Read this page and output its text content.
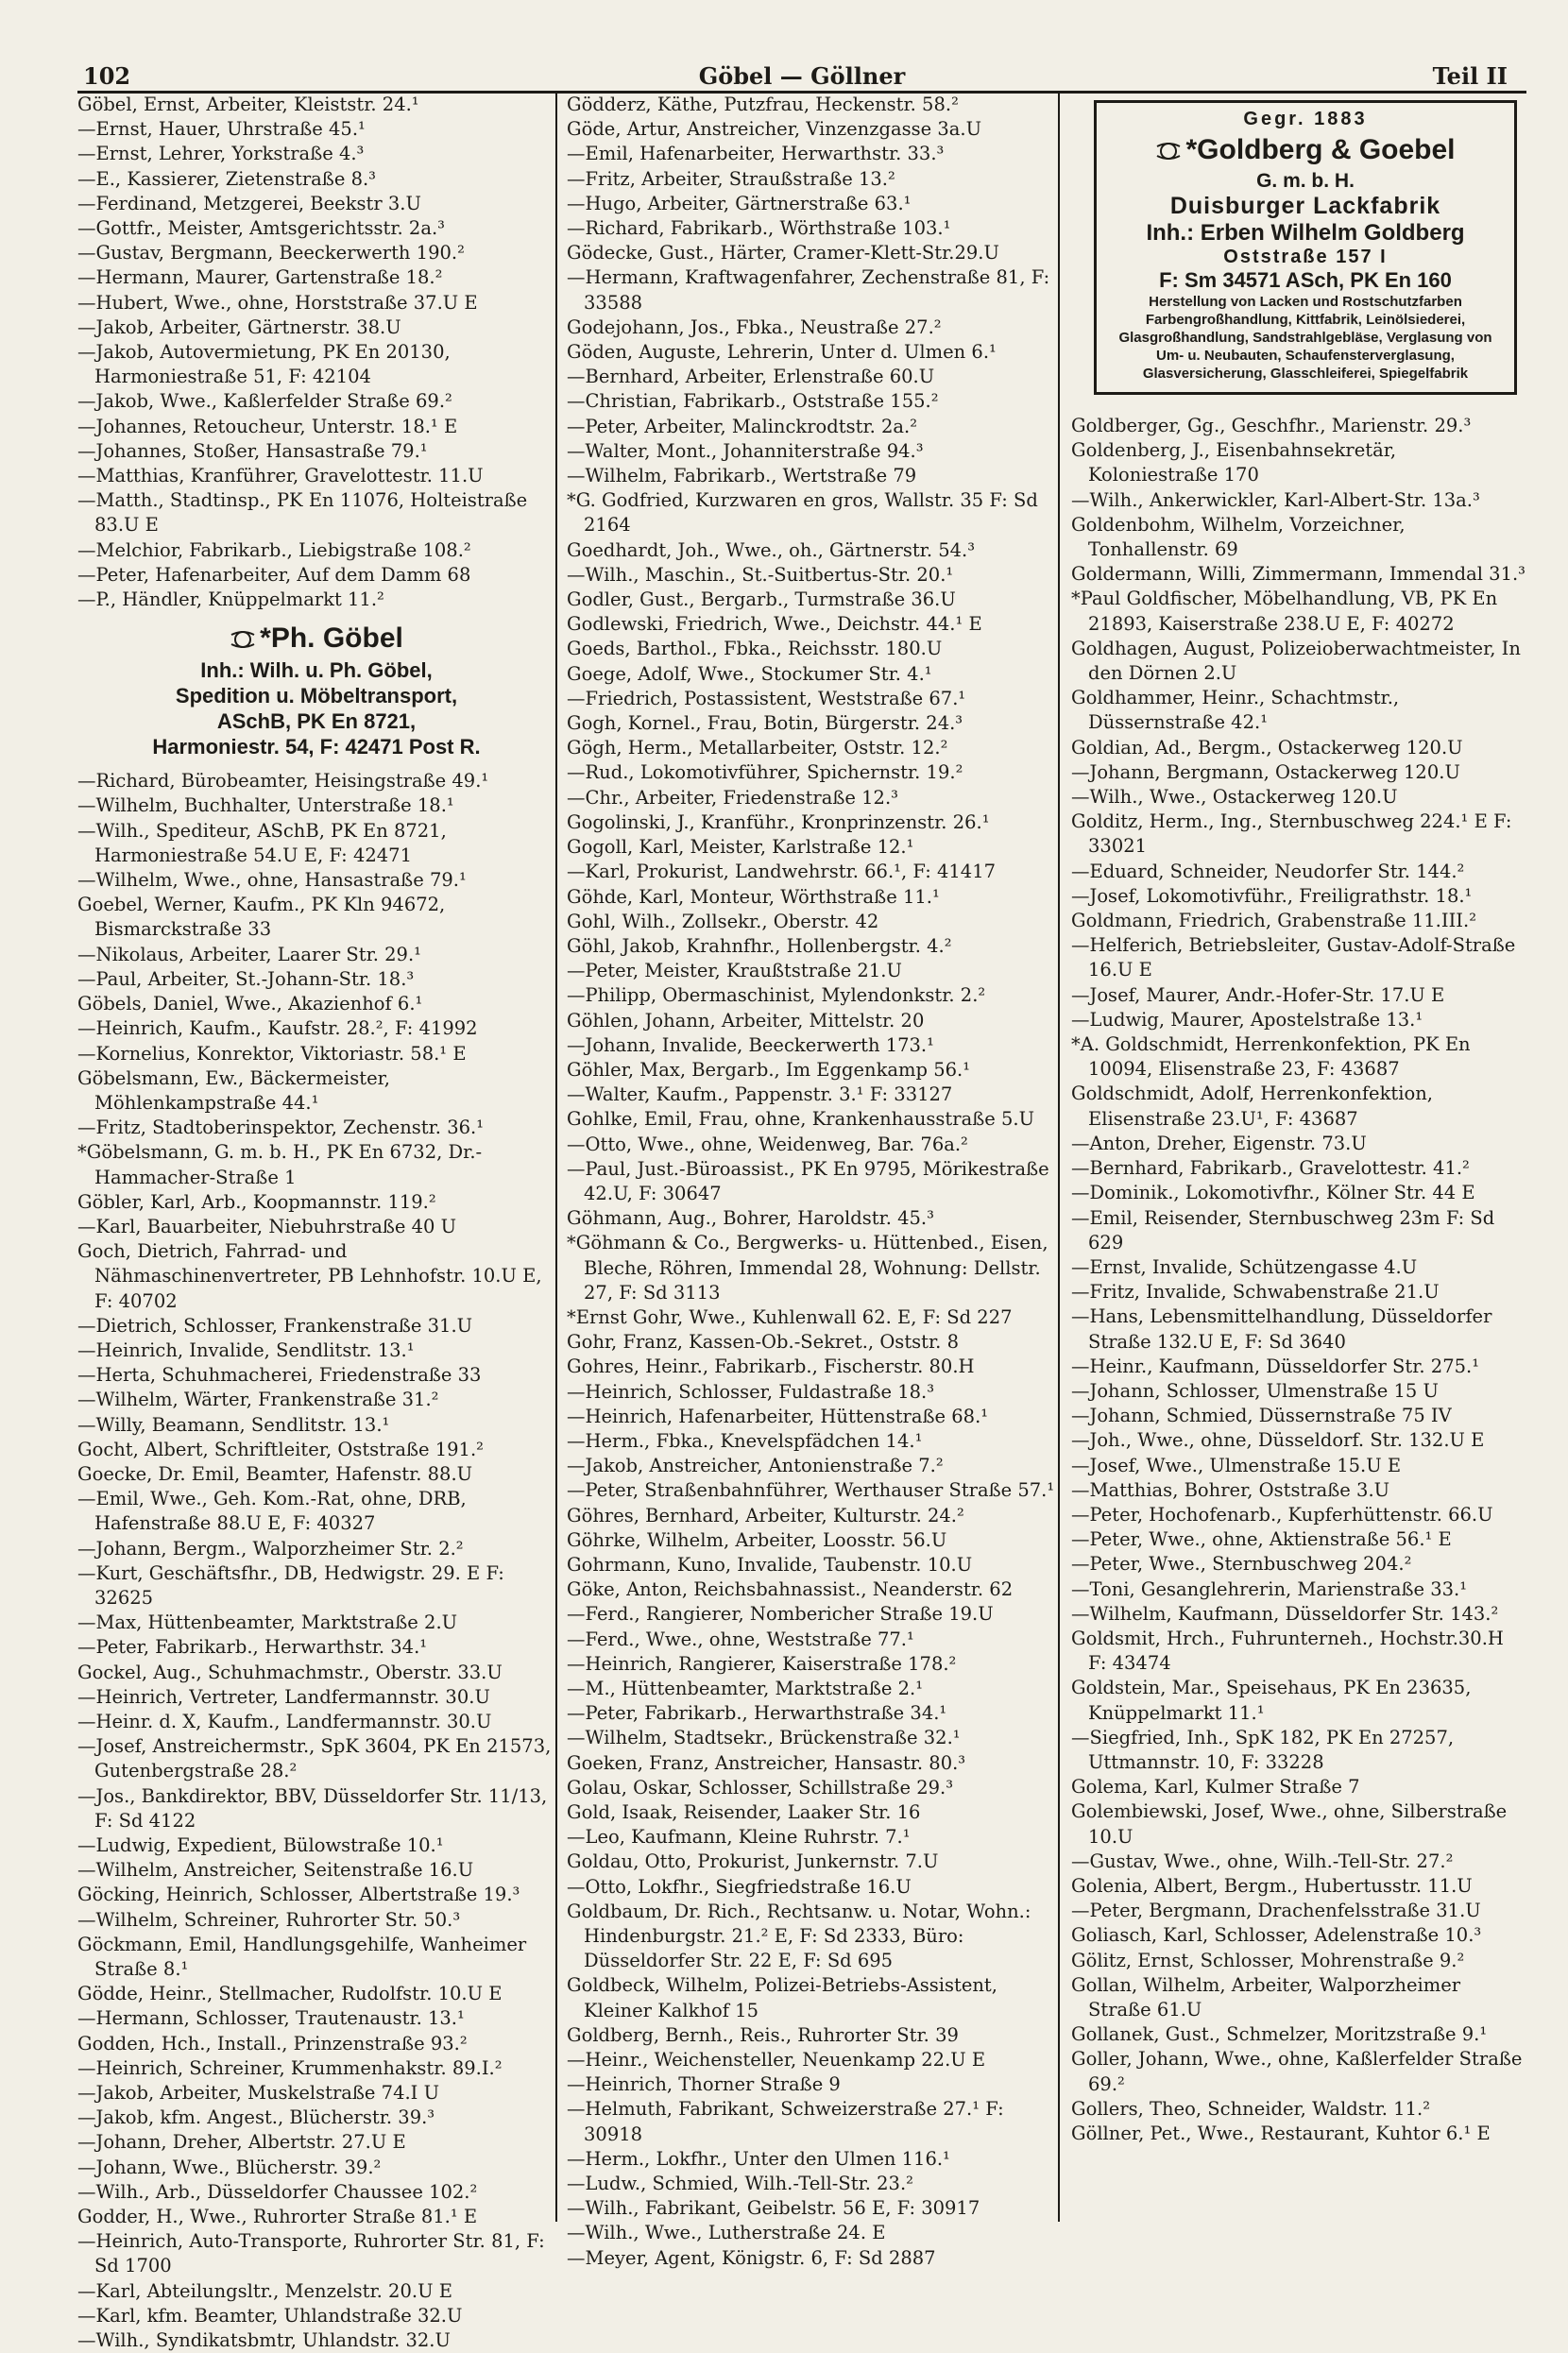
102	Göbel — Göllner	Teil II
Göbel, Ernst, Arbeiter, Kleiststr. 24.¹
—Ernst, Hauer, Uhrstraße 45.¹
—Ernst, Lehrer, Yorkstraße 4.³
—E., Kassierer, Zietenstraße 8.³
—Ferdinand, Metzgerei, Beekstr 3.U
—Gottfr., Meister, Amtsgerichtsstr. 2a.³
—Gustav, Bergmann, Beeckerwerth 190.²
—Hermann, Maurer, Gartenstraße 18.²
—Hubert, Wwe., ohne, Horststraße 37.U E
—Jakob, Arbeiter, Gärtnerstr. 38.U
—Jakob, Autovermietung, PK En 20130, Harmoniestraße 51, F: 42104
—Jakob, Wwe., Kaßlerfelder Straße 69.²
—Johannes, Retoucheur, Unterstr. 18.¹ E
—Johannes, Stoßer, Hansastraße 79.¹
—Matthias, Kranführer, Gravelottestr. 11.U
—Matth., Stadtinsp., PK En 11076, Holteistraße 83.U E
—Melchior, Fabrikarb., Liebigstraße 108.²
—Peter, Hafenarbeiter, Auf dem Damm 68
—P., Händler, Knüppelmarkt 11.²
*Ph. Göbel
Inh.: Wilh. u. Ph. Göbel,
Spedition u. Möbeltransport,
ASchB, PK En 8721,
Harmoniestr. 54, F: 42471 Post R.
—Richard, Bürobeamter, Heisingstraße 49.¹
—Wilhelm, Buchhalter, Unterstraße 18.¹
—Wilh., Spediteur, ASchB, PK En 8721, Harmoniestraße 54.U E, F: 42471
—Wilhelm, Wwe., ohne, Hansastraße 79.¹
Goebel, Werner, Kaufm., PK Kln 94672, Bismarckstraße 33
—Nikolaus, Arbeiter, Laarer Str. 29.¹
—Paul, Arbeiter, St.-Johann-Str. 18.³
Göbels, Daniel, Wwe., Akazienhof 6.¹
—Heinrich, Kaufm., Kaufstr. 28.², F: 41992
—Kornelius, Konrektor, Viktoriastr. 58.¹ E
Göbelsmann, Ew., Bäckermeister, Möhlenkampstraße 44.¹
—Fritz, Stadtoberinspektor, Zechenstr. 36.¹
*Göbelsmann, G. m. b. H., PK En 6732, Dr.-Hammacher-Straße 1
Göbler, Karl, Arb., Koopmannstr. 119.²
—Karl, Bauarbeiter, Niebuhrstraße 40 U
Goch, Dietrich, Fahrrad- und Nähmaschinenvertreter, PB Lehnhofstr. 10.U E, F: 40702
—Dietrich, Schlosser, Frankenstraße 31.U
—Heinrich, Invalide, Sendlitstr. 13.¹
—Herta, Schuhmacherei, Friedenstraße 33
—Wilhelm, Wärter, Frankenstraße 31.²
—Willy, Beamann, Sendlitstr. 13.¹
Gocht, Albert, Schriftleiter, Oststraße 191.²
Goecke, Dr. Emil, Beamter, Hafenstr. 88.U
—Emil, Wwe., Geh. Kom.-Rat, ohne, DRB, Hafenstraße 88.U E, F: 40327
—Johann, Bergm., Walporzheimer Str. 2.²
—Kurt, Geschäftsfhr., DB, Hedwigstr. 29. E F: 32625
—Max, Hüttenbeamter, Marktstraße 2.U
—Peter, Fabrikarb., Herwarthstr. 34.¹
Gockel, Aug., Schuhmachmstr., Oberstr. 33.U
—Heinrich, Vertreter, Landfermannstr. 30.U
—Heinr. d. X, Kaufm., Landfermannstr. 30.U
—Josef, Anstreichermstr., SpK 3604, PK En 21573, Gutenbergstraße 28.²
—Jos., Bankdirektor, BBV, Düsseldorfer Str. 11/13, F: Sd 4122
—Ludwig, Expedient, Bülowstraße 10.¹
—Wilhelm, Anstreicher, Seitenstraße 16.U
Göcking, Heinrich, Schlosser, Albertstraße 19.³
—Wilhelm, Schreiner, Ruhrorter Str. 50.³
Göckmann, Emil, Handlungsgehilfe, Wanheimer Straße 8.¹
Gödde, Heinr., Stellmacher, Rudolfstr. 10.U E
—Hermann, Schlosser, Trautenaustr. 13.¹
Godden, Hch., Install., Prinzenstraße 93.²
—Heinrich, Schreiner, Krummenhakstr. 89.I.²
—Jakob, Arbeiter, Muskelstraße 74.I U
—Jakob, kfm. Angest., Blücherstr. 39.³
—Johann, Dreher, Albertstr. 27.U E
—Johann, Wwe., Blücherstr. 39.²
—Wilh., Arb., Düsseldorfer Chaussee 102.²
Godder, H., Wwe., Ruhrorter Straße 81.¹ E
—Heinrich, Auto-Transporte, Ruhrorter Str. 81, F: Sd 1700
—Karl, Abteilungsltr., Menzelstr. 20.U E
—Karl, kfm. Beamter, Uhlandstraße 32.U
—Wilh., Syndikatsbmtr, Uhlandstr. 32.U
Gödderz, Käthe, Putzfrau, Heckenstr. 58.²
Göde, Artur, Anstreicher, Vinzenzgasse 3a.U
—Emil, Hafenarbeiter, Herwarthstr. 33.³
—Fritz, Arbeiter, Straußstraße 13.²
—Hugo, Arbeiter, Gärtnerstraße 63.¹
—Richard, Fabrikarb., Wörthstraße 103.¹
Gödecke, Gust., Härter, Cramer-Klett-Str.29.U
—Hermann, Kraftwagenfahrer, Zechenstraße 81, F: 33588
Godejohann, Jos., Fbka., Neustraße 27.²
Göden, Auguste, Lehrerin, Unter d. Ulmen 6.¹
—Bernhard, Arbeiter, Erlenstraße 60.U
—Christian, Fabrikarb., Oststraße 155.²
—Peter, Arbeiter, Malinckrodtstr. 2a.²
—Walter, Mont., Johanniterstraße 94.³
—Wilhelm, Fabrikarb., Wertstraße 79
*G. Godfried, Kurzwaren en gros, Wallstr. 35 F: Sd 2164
Goedhardt, Joh., Wwe., oh., Gärtnerstr. 54.³
—Wilh., Maschin., St.-Suitbertus-Str. 20.¹
Godler, Gust., Bergarb., Turmstraße 36.U
Godlewski, Friedrich, Wwe., Deichstr. 44.¹ E
Goeds, Barthol., Fbka., Reichsstr. 180.U
Goege, Adolf, Wwe., Stockumer Str. 4.¹
—Friedrich, Postassistent, Weststraße 67.¹
Gogh, Kornel., Frau, Botin, Bürgerstr. 24.³
Gögh, Herm., Metallarbeiter, Oststr. 12.²
—Rud., Lokomotivführer, Spichernstr. 19.²
—Chr., Arbeiter, Friedenstraße 12.³
Gogolinski, J., Kranführ., Kronprinzenstr. 26.¹
Gogoll, Karl, Meister, Karlstraße 12.¹
—Karl, Prokurist, Landwehrstr. 66.¹, F: 41417
Göhde, Karl, Monteur, Wörthstraße 11.¹
Gohl, Wilh., Zollsekr., Oberstr. 42
Göhl, Jakob, Krahnfhr., Hollenbergstr. 4.²
—Peter, Meister, Kraußtstraße 21.U
—Philipp, Obermaschinist, Mylendonkstr. 2.²
Göhlen, Johann, Arbeiter, Mittelstr. 20
—Johann, Invalide, Beeckerwerth 173.¹
Göhler, Max, Bergarb., Im Eggenkamp 56.¹
—Walter, Kaufm., Pappenstr. 3.¹ F: 33127
Gohlke, Emil, Frau, ohne, Krankenhausstraße 5.U
—Otto, Wwe., ohne, Weidenweg, Bar. 76a.²
—Paul, Just.-Büroassist., PK En 9795, Mörikestraße 42.U, F: 30647
Göhmann, Aug., Bohrer, Haroldstr. 45.³
*Göhmann & Co., Bergwerks- u. Hüttenbed., Eisen, Bleche, Röhren, Immendal 28, Wohnung: Dellstr. 27, F: Sd 3113
*Ernst Gohr, Wwe., Kuhlenwall 62. E, F: Sd 227
Gohr, Franz, Kassen-Ob.-Sekret., Oststr. 8
Gohres, Heinr., Fabrikarb., Fischerstr. 80.H
—Heinrich, Schlosser, Fuldastraße 18.³
—Heinrich, Hafenarbeiter, Hüttenstraße 68.¹
—Herm., Fbka., Knevelspfädchen 14.¹
—Jakob, Anstreicher, Antonienstraße 7.²
—Peter, Straßenbahnführer, Werthauser Straße 57.¹
Göhres, Bernhard, Arbeiter, Kulturstr. 24.²
Göhrke, Wilhelm, Arbeiter, Loosstr. 56.U
Gohrmann, Kuno, Invalide, Taubenstr. 10.U
Göke, Anton, Reichsbahnassist., Neanderstr. 62
—Ferd., Rangierer, Nombericher Straße 19.U
—Ferd., Wwe., ohne, Weststraße 77.¹
—Heinrich, Rangierer, Kaiserstraße 178.²
—M., Hüttenbeamter, Marktstraße 2.¹
—Peter, Fabrikarb., Herwarthstraße 34.¹
—Wilhelm, Stadtsekr., Brückenstraße 32.¹
Goeken, Franz, Anstreicher, Hansastr. 80.³
Golau, Oskar, Schlosser, Schillstraße 29.³
Gold, Isaak, Reisender, Laaker Str. 16
—Leo, Kaufmann, Kleine Ruhrstr. 7.¹
Goldau, Otto, Prokurist, Junkernstr. 7.U
—Otto, Lokfhr., Siegfriedstraße 16.U
Goldbaum, Dr. Rich., Rechtsanw. u. Notar, Wohn.: Hindenburgstr. 21.² E, F: Sd 2333, Büro: Düsseldorfer Str. 22 E, F: Sd 695
Goldbeck, Wilhelm, Polizei-Betriebs-Assistent, Kleiner Kalkhof 15
Goldberg, Bernh., Reis., Ruhrorter Str. 39
—Heinr., Weichensteller, Neuenkamp 22.U E
—Heinrich, Thorner Straße 9
—Helmuth, Fabrikant, Schweizerstraße 27.¹ F: 30918
—Herm., Lokfhr., Unter den Ulmen 116.¹
—Ludw., Schmied, Wilh.-Tell-Str. 23.²
—Wilh., Fabrikant, Geibelstr. 56 E, F: 30917
—Wilh., Wwe., Lutherstraße 24. E
—Meyer, Agent, Königstr. 6, F: Sd 2887
Gegr. 1883
*Goldberg & Goebel
G. m. b. H.
Duisburger Lackfabrik
Inh.: Erben Wilhelm Goldberg
Oststraße 157 I
F: Sm 34571 ASch, PK En 160
Herstellung von Lacken und Rostschutzfarben Farbengroßhandlung, Kittfabrik, Leinölsiederei, Glasgroßhandlung, Sandstrahlgebläse, Verglasung von Um- u. Neubauten, Schaufensterverglasung, Glasversicherung, Glasschleiferei, Spiegelfabrik
Goldberger, Gg., Geschfhr., Marienstr. 29.³
Goldenberg, J., Eisenbahnsekretär, Koloniestraße 170
—Wilh., Ankerwickler, Karl-Albert-Str. 13a.³
Goldenbohm, Wilhelm, Vorzeichner, Tonhallenstr. 69
Goldermann, Willi, Zimmermann, Immendal 31.³
*Paul Goldfischer, Möbelhandlung, VB, PK En 21893, Kaiserstraße 238.U E, F: 40272
Goldhagen, August, Polizeioberwachtmeister, In den Dörnen 2.U
Goldhammer, Heinr., Schachtmstr., Düssernstraße 42.¹
Goldian, Ad., Bergm., Ostackerweg 120.U
—Johann, Bergmann, Ostackerweg 120.U
—Wilh., Wwe., Ostackerweg 120.U
Golditz, Herm., Ing., Sternbuschweg 224.¹ E F: 33021
—Eduard, Schneider, Neudorfer Str. 144.²
—Josef, Lokomotivführ., Freiligrathstr. 18.¹
Goldmann, Friedrich, Grabenstraße 11.III.²
—Helferich, Betriebsleiter, Gustav-Adolf-Straße 16.U E
—Josef, Maurer, Andr.-Hofer-Str. 17.U E
—Ludwig, Maurer, Apostelstraße 13.¹
*A. Goldschmidt, Herrenkonfektion, PK En 10094, Elisenstraße 23, F: 43687
Goldschmidt, Adolf, Herrenkonfektion, Elisenstraße 23.U¹, F: 43687
—Anton, Dreher, Eigenstr. 73.U
—Bernhard, Fabrikarb., Gravelottestr. 41.²
—Dominik., Lokomotivfhr., Kölner Str. 44 E
—Emil, Reisender, Sternbuschweg 23m F: Sd 629
—Ernst, Invalide, Schützengasse 4.U
—Fritz, Invalide, Schwabenstraße 21.U
—Hans, Lebensmittelhandlung, Düsseldorfer Straße 132.U E, F: Sd 3640
—Heinr., Kaufmann, Düsseldorfer Str. 275.¹
—Johann, Schlosser, Ulmenstraße 15 U
—Johann, Schmied, Düssernstraße 75 IV
—Joh., Wwe., ohne, Düsseldorf. Str. 132.U E
—Josef, Wwe., Ulmenstraße 15.U E
—Matthias, Bohrer, Oststraße 3.U
—Peter, Hochofenarb., Kupferhüttenstr. 66.U
—Peter, Wwe., ohne, Aktienstraße 56.¹ E
—Peter, Wwe., Sternbuschweg 204.²
—Toni, Gesanglehrerin, Marienstraße 33.¹
—Wilhelm, Kaufmann, Düsseldorfer Str. 143.²
Goldsmit, Hrch., Fuhrunterneh., Hochstr.30.H F: 43474
Goldstein, Mar., Speisehaus, PK En 23635, Knüppelmarkt 11.¹
—Siegfried, Inh., SpK 182, PK En 27257, Uttmannstr. 10, F: 33228
Golema, Karl, Kulmer Straße 7
Golembiewski, Josef, Wwe., ohne, Silberstraße 10.U
—Gustav, Wwe., ohne, Wilh.-Tell-Str. 27.²
Golenia, Albert, Bergm., Hubertusstr. 11.U
—Peter, Bergmann, Drachenfelsstraße 31.U
Goliasch, Karl, Schlosser, Adelenstraße 10.³
Gölitz, Ernst, Schlosser, Mohrenstraße 9.²
Gollan, Wilhelm, Arbeiter, Walporzheimer Straße 61.U
Gollanek, Gust., Schmelzer, Moritzstraße 9.¹
Goller, Johann, Wwe., ohne, Kaßlerfelder Straße 69.²
Gollers, Theo, Schneider, Waldstr. 11.²
Göllner, Pet., Wwe., Restaurant, Kuhtor 6.¹ E
